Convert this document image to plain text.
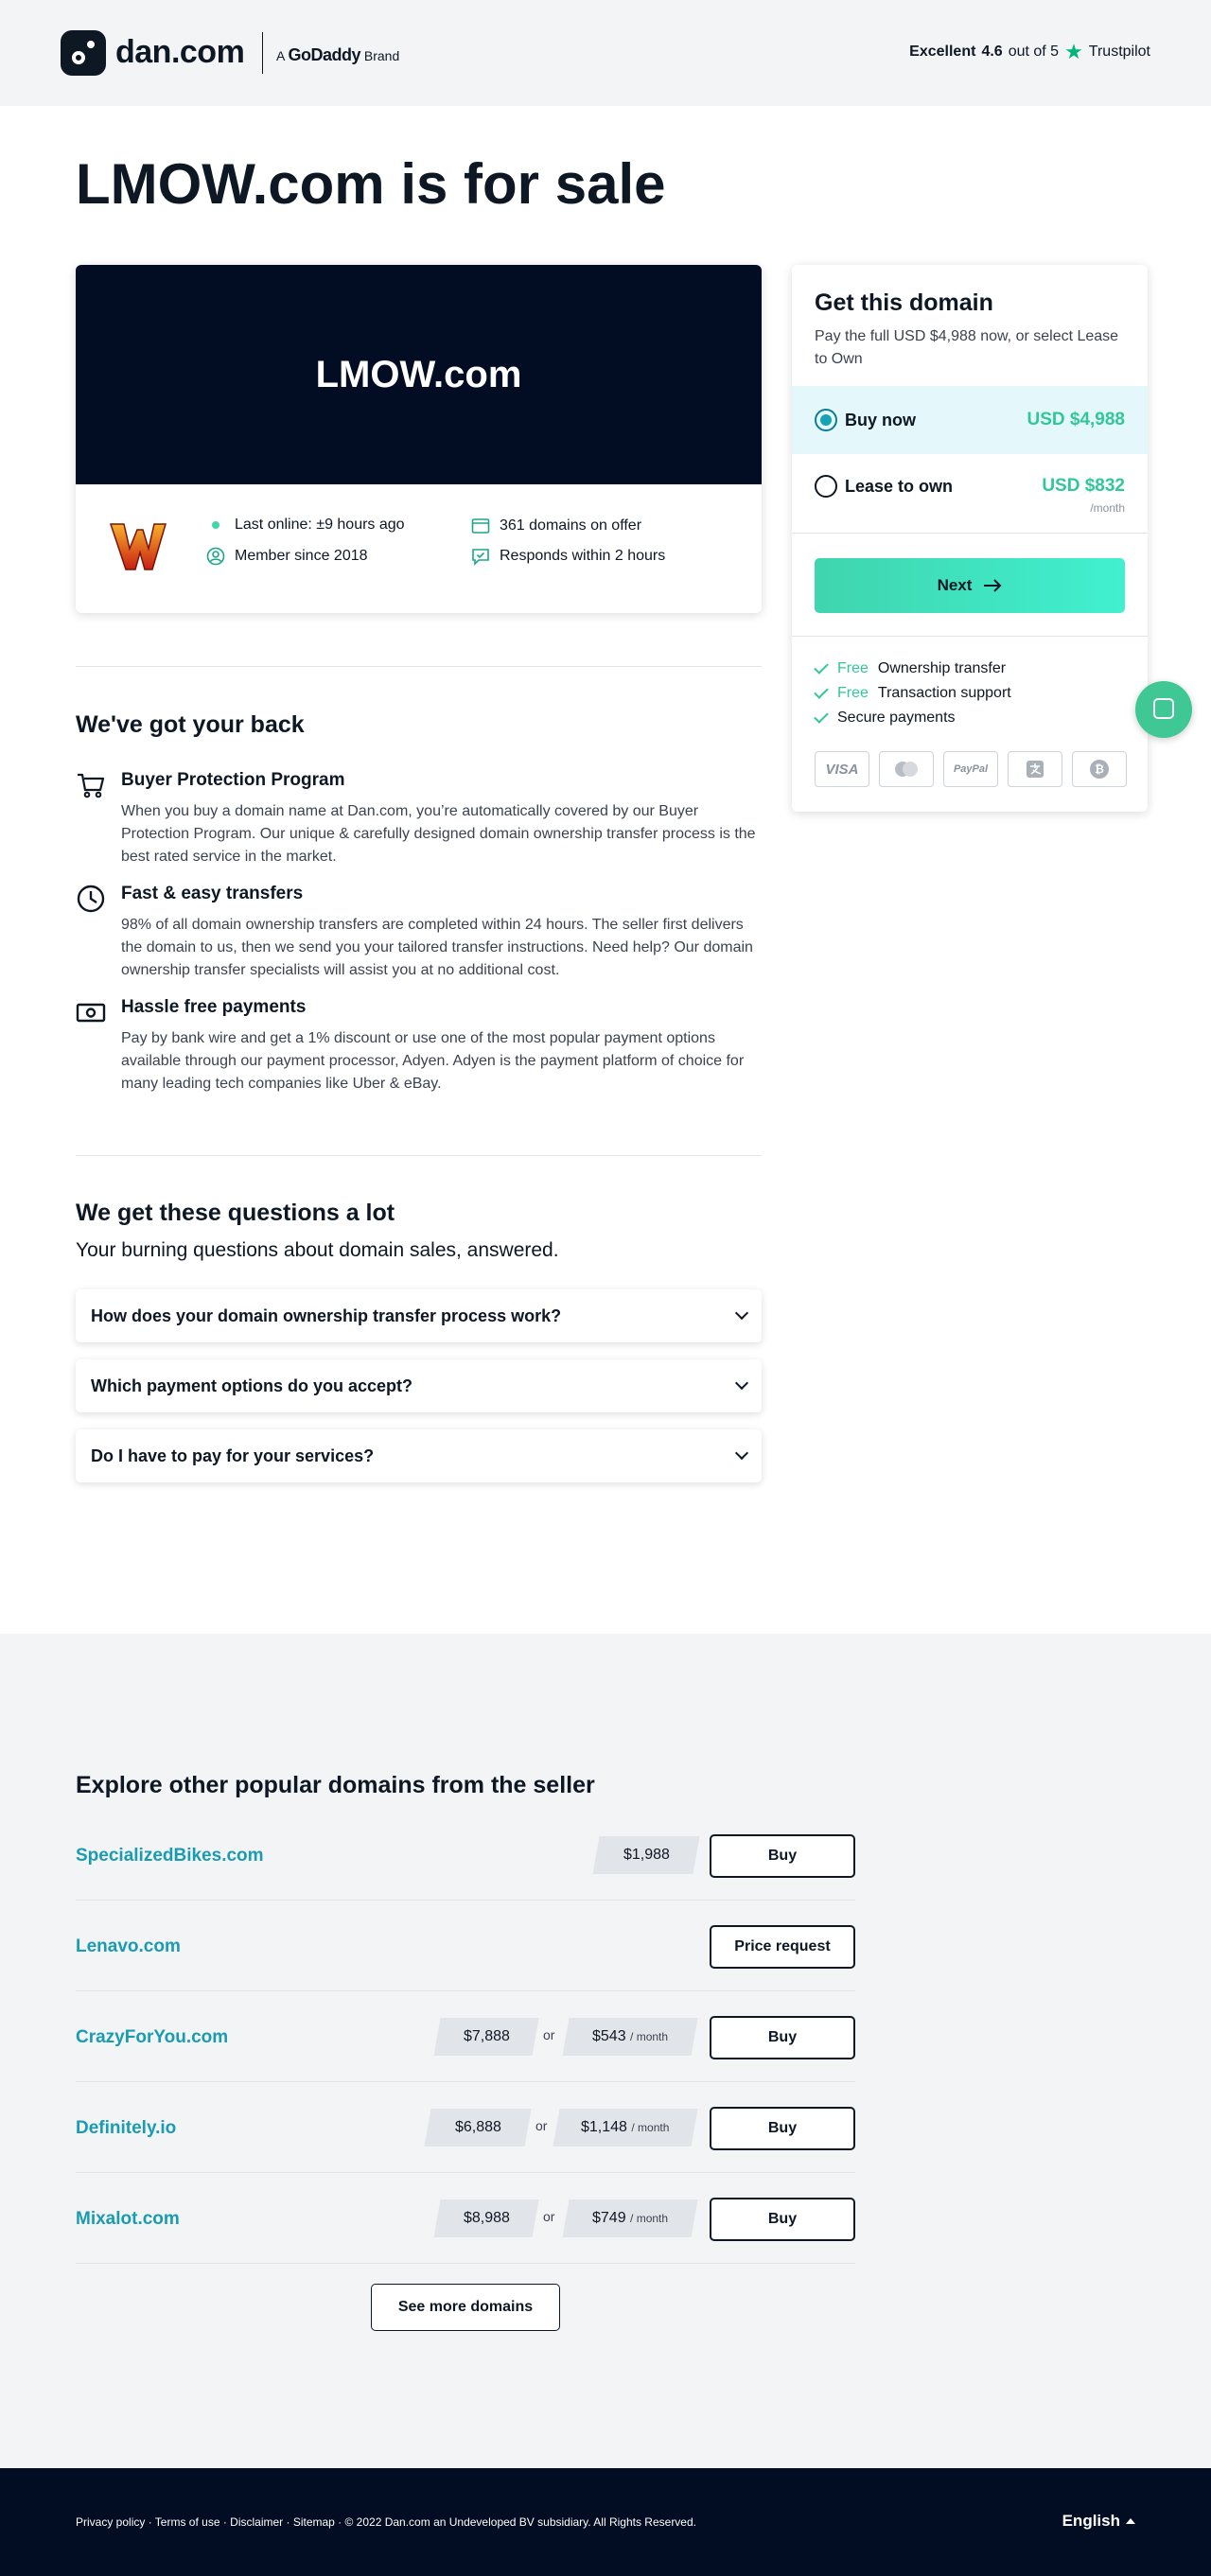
dan.com A GoDaddy Brand	Excellent 4.6 out of 5 ★ Trustpilot
LMOW.com is for sale
LMOW.com
Last online: ±9 hours ago
Member since 2018
361 domains on offer
Responds within 2 hours
We've got your back
Buyer Protection Program
When you buy a domain name at Dan.com, you’re automatically covered by our Buyer Protection Program. Our unique & carefully designed domain ownership transfer process is the best rated service in the market.
Fast & easy transfers
98% of all domain ownership transfers are completed within 24 hours. The seller first delivers the domain to us, then we send you your tailored transfer instructions. Need help? Our domain ownership transfer specialists will assist you at no additional cost.
Hassle free payments
Pay by bank wire and get a 1% discount or use one of the most popular payment options available through our payment processor, Adyen. Adyen is the payment platform of choice for many leading tech companies like Uber & eBay.
We get these questions a lot
Your burning questions about domain sales, answered.
How does your domain ownership transfer process work?
Which payment options do you accept?
Do I have to pay for your services?
Get this domain
Pay the full USD $4,988 now, or select Lease to Own
Buy now	USD $4,988
Lease to own	USD $832
/month
Next
Free Ownership transfer
Free Transaction support
Secure payments
VISA	PayPal	₿
Explore other popular domains from the seller
SpecializedBikes.com	$1,988	Buy
Lenavo.com	Price request
CrazyForYou.com	$7,888	or $543 / month	Buy
Definitely.io	$6,888	or $1,148 / month	Buy
Mixalot.com	$8,988	or $749 / month	Buy
See more domains
Privacy policy · Terms of use · Disclaimer · Sitemap · © 2022 Dan.com an Undeveloped BV subsidiary. All Rights Reserved.	English
